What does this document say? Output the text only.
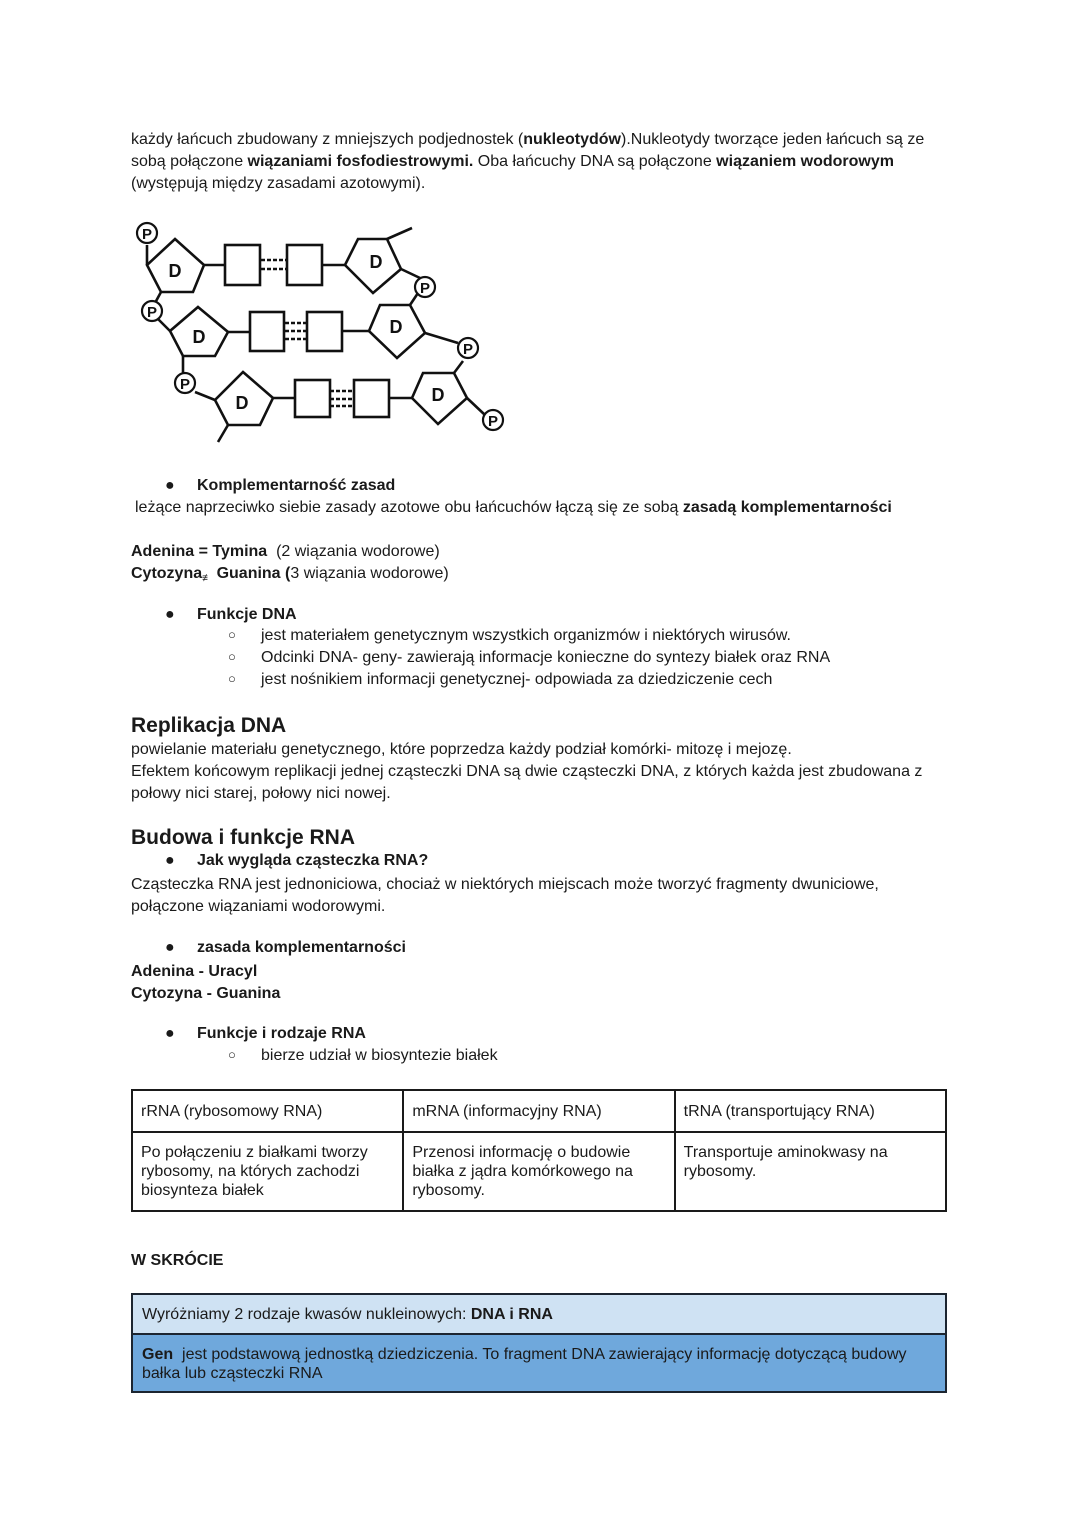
każdy łańcuch zbudowany z mniejszych podjednostek (nukleotydów).Nukleotydy tworzące jeden łańcuch są ze

sobą połączone wiązaniami fosfodiestrowymi. Oba łańcuchy DNA są połączone wiązaniem wodorowym

(występują między zasadami azotowymi).

P
P
P
P
P
P
D	D
D	D
D	D
●	Komplementarność zasad

leżące naprzeciwko siebie zasady azotowe obu łańcuchów łączą się ze sobą zasadą komplementarności

Adenina = Tymina  (2 wiązania wodorowe)

Cytozyna$_≢$ Guanina (3 wiązania wodorowe)

●	Funkcje DNA
○ jest materiałem genetycznym wszystkich organizmów i niektórych wirusów.
○ Odcinki DNA- geny- zawierają informacje konieczne do syntezy białek oraz RNA
○ jest nośnikiem informacji genetycznej- odpowiada za dziedziczenie cech
Replikacja DNA

powielanie materiału genetycznego, które poprzedza każdy podział komórki- mitozę i mejozę.

Efektem końcowym replikacji jednej cząsteczki DNA są dwie cząsteczki DNA, z których każda jest zbudowana z

połowy nici starej, połowy nici nowej.

Budowa i funkcje RNA
●	Jak wygląda cząsteczka RNA?

Cząsteczka RNA jest jednoniciowa, chociaż w niektórych miejscach może tworzyć fragmenty dwuniciowe,

połączone wiązaniami wodorowymi.

●	zasada komplementarności

Adenina - Uracyl

Cytozyna - Guanina

●	Funkcje i rodzaje RNA
○ bierze udział w biosyntezie białek
rRNA (rybosomowy RNA)	mRNA (informacyjny RNA)	tRNA (transportujący RNA)
Po połączeniu z białkami tworzy rybosomy, na których zachodzi biosynteza białek	Przenosi informację o budowie białka z jądra komórkowego na rybosomy.	Transportuje aminokwasy na rybosomy.
W SKRÓCIE
Wyróżniamy 2 rodzaje kwasów nukleinowych: DNA i RNA
Gen  jest podstawową jednostką dziedziczenia. To fragment DNA zawierający informację dotyczącą budowy bałka lub cząsteczki RNA
